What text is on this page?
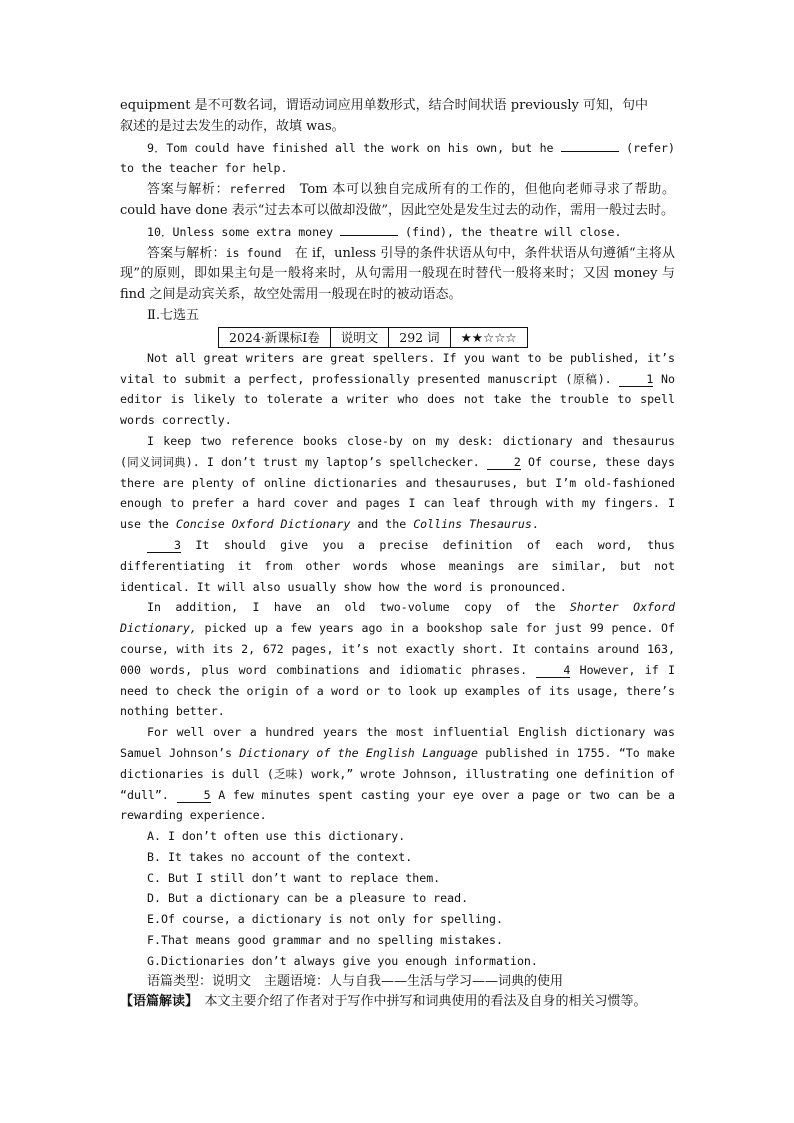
equipment 是不可数名词，谓语动词应用单数形式，结合时间状语 previously 可知，句中
叙述的是过去发生的动作，故填 was。

9．Tom could have finished all the work on his own, but he	(refer) to the teacher for help.

答案与解析：referred　 Tom 本可以独自完成所有的工作的，但他向老师寻求了帮助。could have done 表示“过去本可以做却没做”，因此空处是发生过去的动作，需用一般过去时。

10．Unless some extra money	(find), the theatre will close.

答案与解析：is found　 在 if，unless 引导的条件状语从句中，条件状语从句遵循“主将从现”的原则，即如果主句是一般将来时，从句需用一般现在时替代一般将来时；又因 money 与 find 之间是动宾关系，故空处需用一般现在时的被动语态。

Ⅱ.七选五

2024·新课标Ⅰ卷	说明文	292 词	★★☆☆☆

Not all great writers are great spellers. If you want to be published, it’s vital to submit a perfect, professionally presented manuscript (原稿). 1 No editor is likely to tolerate a writer who does not take the trouble to spell words correctly.

I keep two reference books close-by on my desk: dictionary and thesaurus (同义词词典). I don’t trust my laptop’s spellchecker. 2 Of course, these days there are plenty of online dictionaries and thesauruses, but I’m old-fashioned enough to prefer a hard cover and pages I can leaf through with my fingers. I use the Concise Oxford Dictionary and the Collins Thesaurus.

3 It should give you a precise definition of each word, thus differentiating it from other words whose meanings are similar, but not identical. It will also usually show how the word is pronounced.

In addition, I have an old two-volume copy of the Shorter Oxford Dictionary, picked up a few years ago in a bookshop sale for just 99 pence. Of course, with its 2, 672 pages, it’s not exactly short. It contains around 163, 000 words, plus word combinations and idiomatic phrases. 4 However, if I need to check the origin of a word or to look up examples of its usage, there’s nothing better.

For well over a hundred years the most influential English dictionary was Samuel Johnson’s Dictionary of the English Language published in 1755. “To make dictionaries is dull (乏味) work,” wrote Johnson, illustrating one definition of “dull”. 5 A few minutes spent casting your eye over a page or two can be a rewarding experience.

A. I don’t often use this dictionary.

B. It takes no account of the context.

C. But I still don’t want to replace them.

D. But a dictionary can be a pleasure to read.

E.Of course, a dictionary is not only for spelling.

F.That means good grammar and no spelling mistakes.

G.Dictionaries don’t always give you enough information.

语篇类型：说明文　主题语境：人与自我——生活与学习——词典的使用

【语篇解读】　本文主要介绍了作者对于写作中拼写和词典使用的看法及自身的相关习惯等。
